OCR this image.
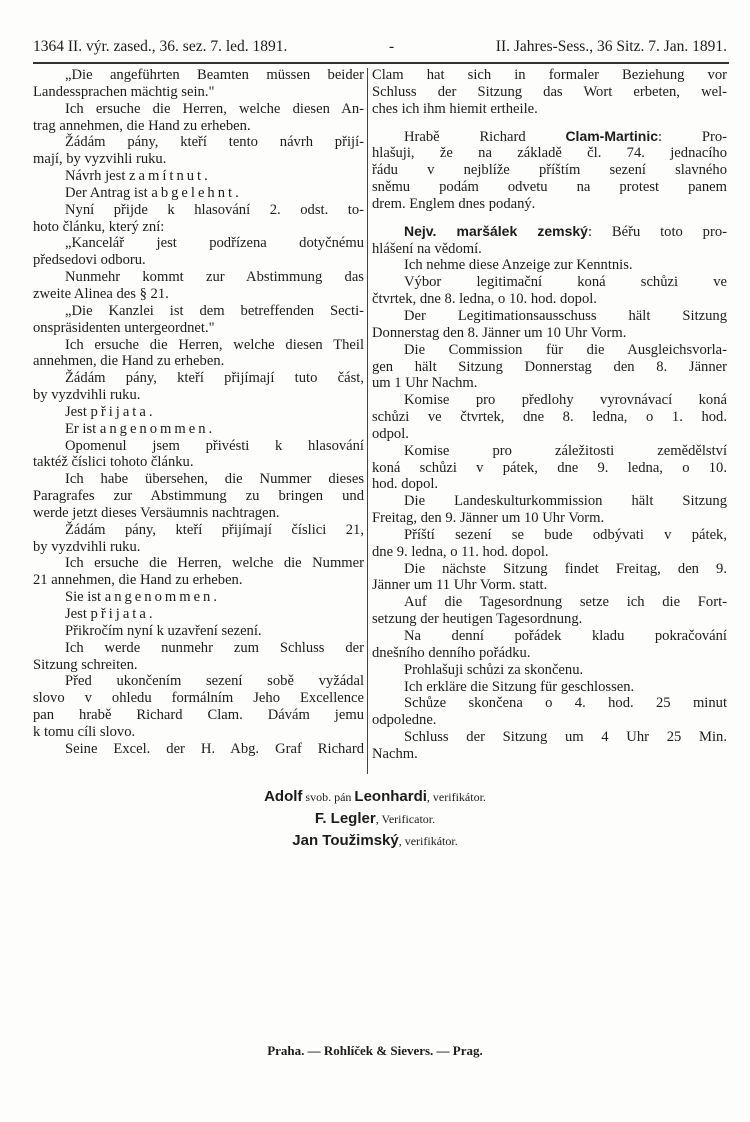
1364 II. výr. zased., 36. sez. 7. led. 1891.	-	II. Jahres-Sess., 36 Sitz. 7. Jan. 1891.
„Die angeführten Beamten müssen beider
Landessprachen mächtig sein."
Ich ersuche die Herren, welche diesen An-
trag annehmen, die Hand zu erheben.
Žádám pány, kteří tento návrh přijí-
mají, by vyzvihli ruku.
Návrh jest zamítnut.
Der Antrag ist abgelehnt.
Nyní přijde k hlasování 2. odst. to-
hoto článku, který zní:
„Kancelář jest podřízena dotyčnému
předsedovi odboru.
Nunmehr kommt zur Abstimmung das
zweite Alinea des § 21.
„Die Kanzlei ist dem betreffenden Secti-
onspräsidenten untergeordnet."
Ich ersuche die Herren, welche diesen Theil
annehmen, die Hand zu erheben.
Žádám pány, kteří přijímají tuto část,
by vyzdvihli ruku.
Jest přijata.
Er ist angenommen.
Opomenul jsem přivésti k hlasování
taktéž číslici tohoto článku.
Ich habe übersehen, die Nummer dieses
Paragrafes zur Abstimmung zu bringen und
werde jetzt dieses Versäumnis nachtragen.
Žádám pány, kteří přijímají číslici 21,
by vyzdvihli ruku.
Ich ersuche die Herren, welche die Nummer
21 annehmen, die Hand zu erheben.
Sie ist angenommen.
Jest přijata.
Přikročím nyní k uzavření sezení.
Ich werde nunmehr zum Schluss der
Sitzung schreiten.
Před ukončením sezení sobě vyžádal
slovo v ohledu formálním Jeho Excellence
pan hrabě Richard Clam. Dávám jemu
k tomu cíli slovo.
Seine Excel. der H. Abg. Graf Richard
Clam hat sich in formaler Beziehung vor
Schluss der Sitzung das Wort erbeten, wel-
ches ich ihm hiemit ertheile.
Hrabě Richard Clam-Martinic: Pro-
hlašuji, že na základě čl. 74. jednacího
řádu v nejblíže příštím sezení slavného
sněmu podám odvetu na protest panem
drem. Englem dnes podaný.
Nejv. maršálek zemský: Béřu toto pro-
hlášení na vědomí.
Ich nehme diese Anzeige zur Kenntnis.
Výbor legitimační koná schůzi ve
čtvrtek, dne 8. ledna, o 10. hod. dopol.
Der Legitimationsausschuss hält Sitzung
Donnerstag den 8. Jänner um 10 Uhr Vorm.
Die Commission für die Ausgleichsvorla-
gen hält Sitzung Donnerstag den 8. Jänner
um 1 Uhr Nachm.
Komise pro předlohy vyrovnávací koná
schůzi ve čtvrtek, dne 8. ledna, o 1. hod.
odpol.
Komise pro záležitosti zemědělství
koná schůzi v pátek, dne 9. ledna, o 10.
hod. dopol.
Die Landeskulturkommission hält Sitzung
Freitag, den 9. Jänner um 10 Uhr Vorm.
Příští sezení se bude odbývati v pátek,
dne 9. ledna, o 11. hod. dopol.
Die nächste Sitzung findet Freitag, den 9.
Jänner um 11 Uhr Vorm. statt.
Auf die Tagesordnung setze ich die Fort-
setzung der heutigen Tagesordnung.
Na denní pořádek kladu pokračování
dnešního denního pořádku.
Prohlašuji schůzi za skončenu.
Ich erkläre die Sitzung für geschlossen.
Schůze skončena o 4. hod. 25 minut
odpoledne.
Schluss der Sitzung um 4 Uhr 25 Min.
Nachm.
Adolf svob. pán Leonhardi, verifikátor.
F. Legler, Verificator.
Jan Toužimský, verifikátor.
Praha. — Rohlíček & Sievers. — Prag.
